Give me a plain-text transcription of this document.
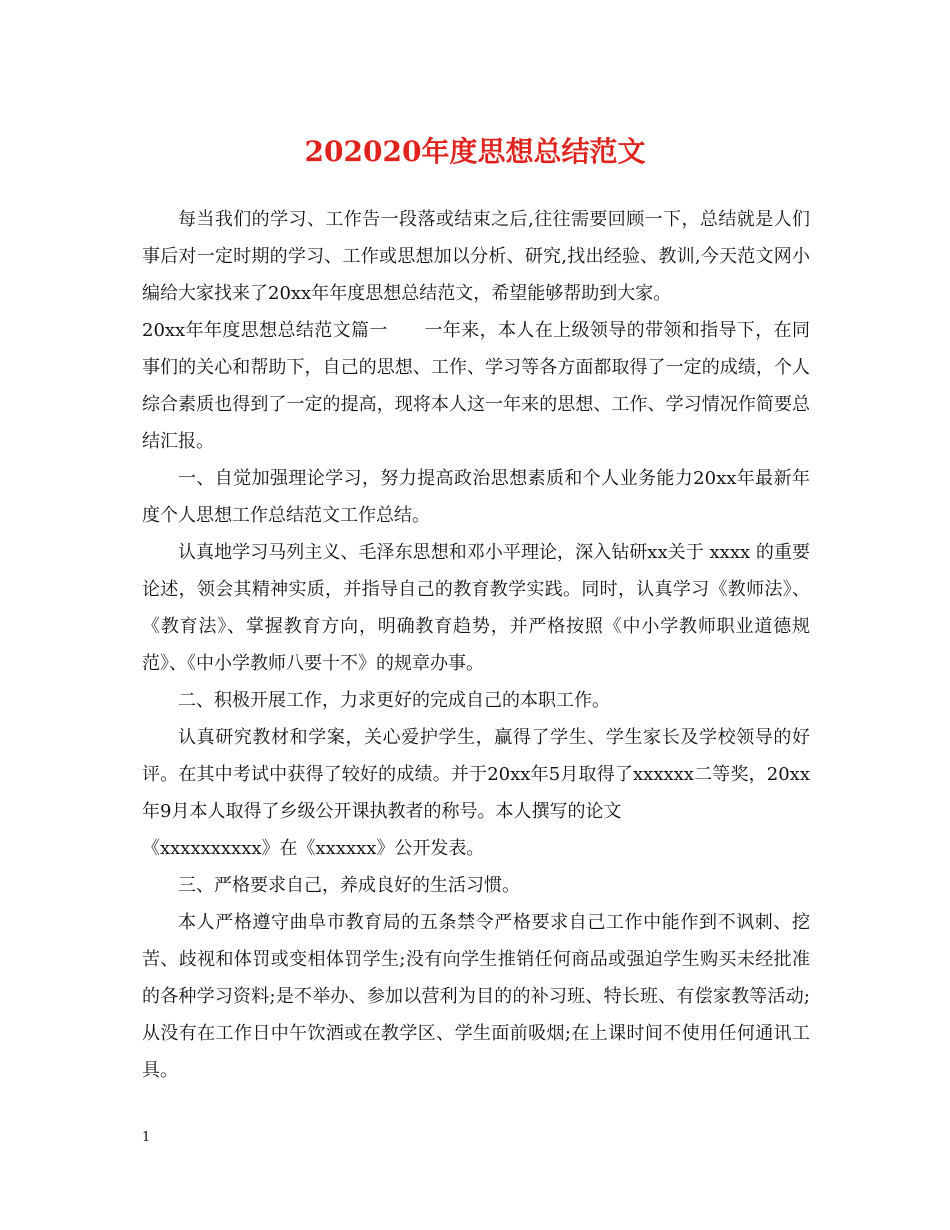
202020年度思想总结范文

每当我们的学习、工作告一段落或结束之后,往往需要回顾一下，总结就是人们事后对一定时期的学习、工作或思想加以分析、研究,找出经验、教训,今天范文网小编给大家找来了20xx年年度思想总结范文，希望能够帮助到大家。

20xx年年度思想总结范文篇一　　一年来，本人在上级领导的带领和指导下，在同事们的关心和帮助下，自己的思想、工作、学习等各方面都取得了一定的成绩，个人综合素质也得到了一定的提高，现将本人这一年来的思想、工作、学习情况作简要总结汇报。

一、自觉加强理论学习，努力提高政治思想素质和个人业务能力20xx年最新年度个人思想工作总结范文工作总结。

认真地学习马列主义、毛泽东思想和邓小平理论，深入钻研xx关于 xxxx 的重要论述，领会其精神实质，并指导自己的教育教学实践。同时，认真学习《教师法》、《教育法》、掌握教育方向，明确教育趋势，并严格按照《中小学教师职业道德规范》、《中小学教师八要十不》的规章办事。

二、积极开展工作，力求更好的完成自己的本职工作。

认真研究教材和学案，关心爱护学生，赢得了学生、学生家长及学校领导的好评。在其中考试中获得了较好的成绩。并于20xx年5月取得了xxxxxx二等奖，20xx年9月本人取得了乡级公开课执教者的称号。本人撰写的论文

《xxxxxxxxxx》在《xxxxxx》公开发表。

三、严格要求自己，养成良好的生活习惯。

本人严格遵守曲阜市教育局的五条禁令严格要求自己工作中能作到不讽刺、挖苦、歧视和体罚或变相体罚学生;没有向学生推销任何商品或强迫学生购买未经批准的各种学习资料;是不举办、参加以营利为目的的补习班、特长班、有偿家教等活动;从没有在工作日中午饮酒或在教学区、学生面前吸烟;在上课时间不使用任何通讯工具。

1
